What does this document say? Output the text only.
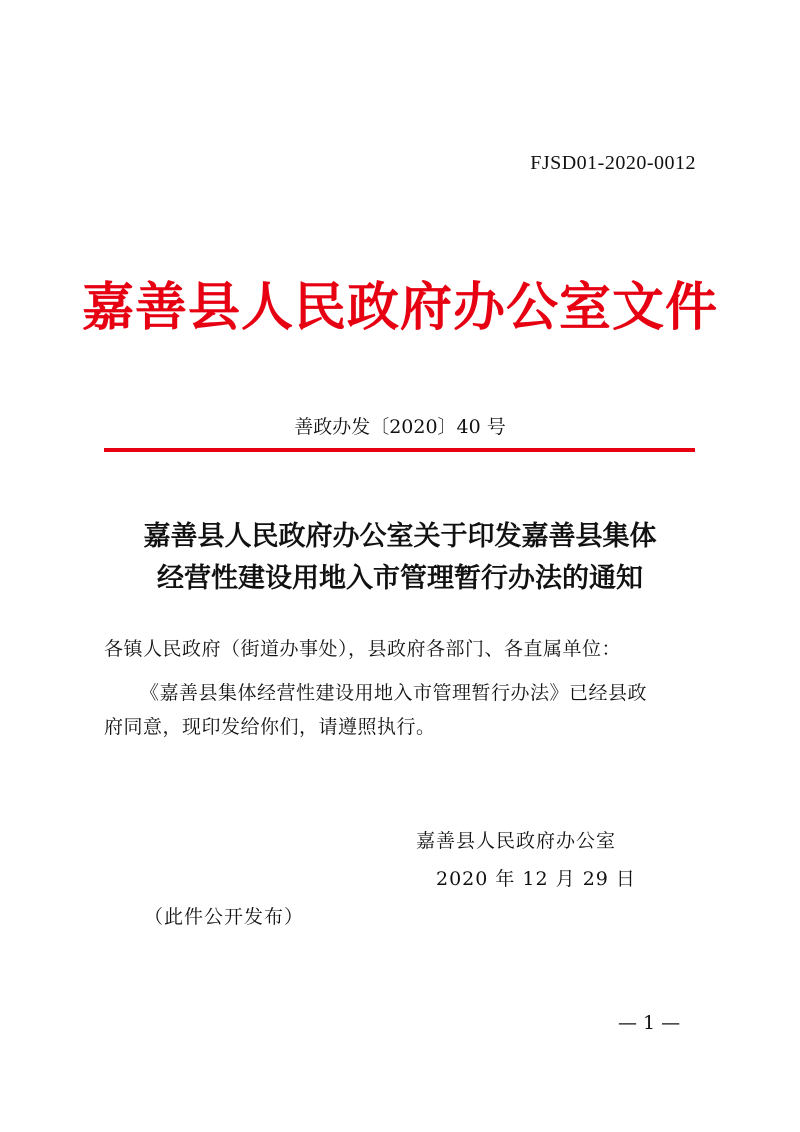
FJSD01-2020-0012
嘉善县人民政府办公室文件
善政办发〔2020〕40 号
嘉善县人民政府办公室关于印发嘉善县集体
经营性建设用地入市管理暂行办法的通知
各镇人民政府（街道办事处），县政府各部门、各直属单位：
《嘉善县集体经营性建设用地入市管理暂行办法》已经县政
府同意，现印发给你们，请遵照执行。
嘉善县人民政府办公室
2020 年 12 月 29 日
（此件公开发布）
— 1 —
